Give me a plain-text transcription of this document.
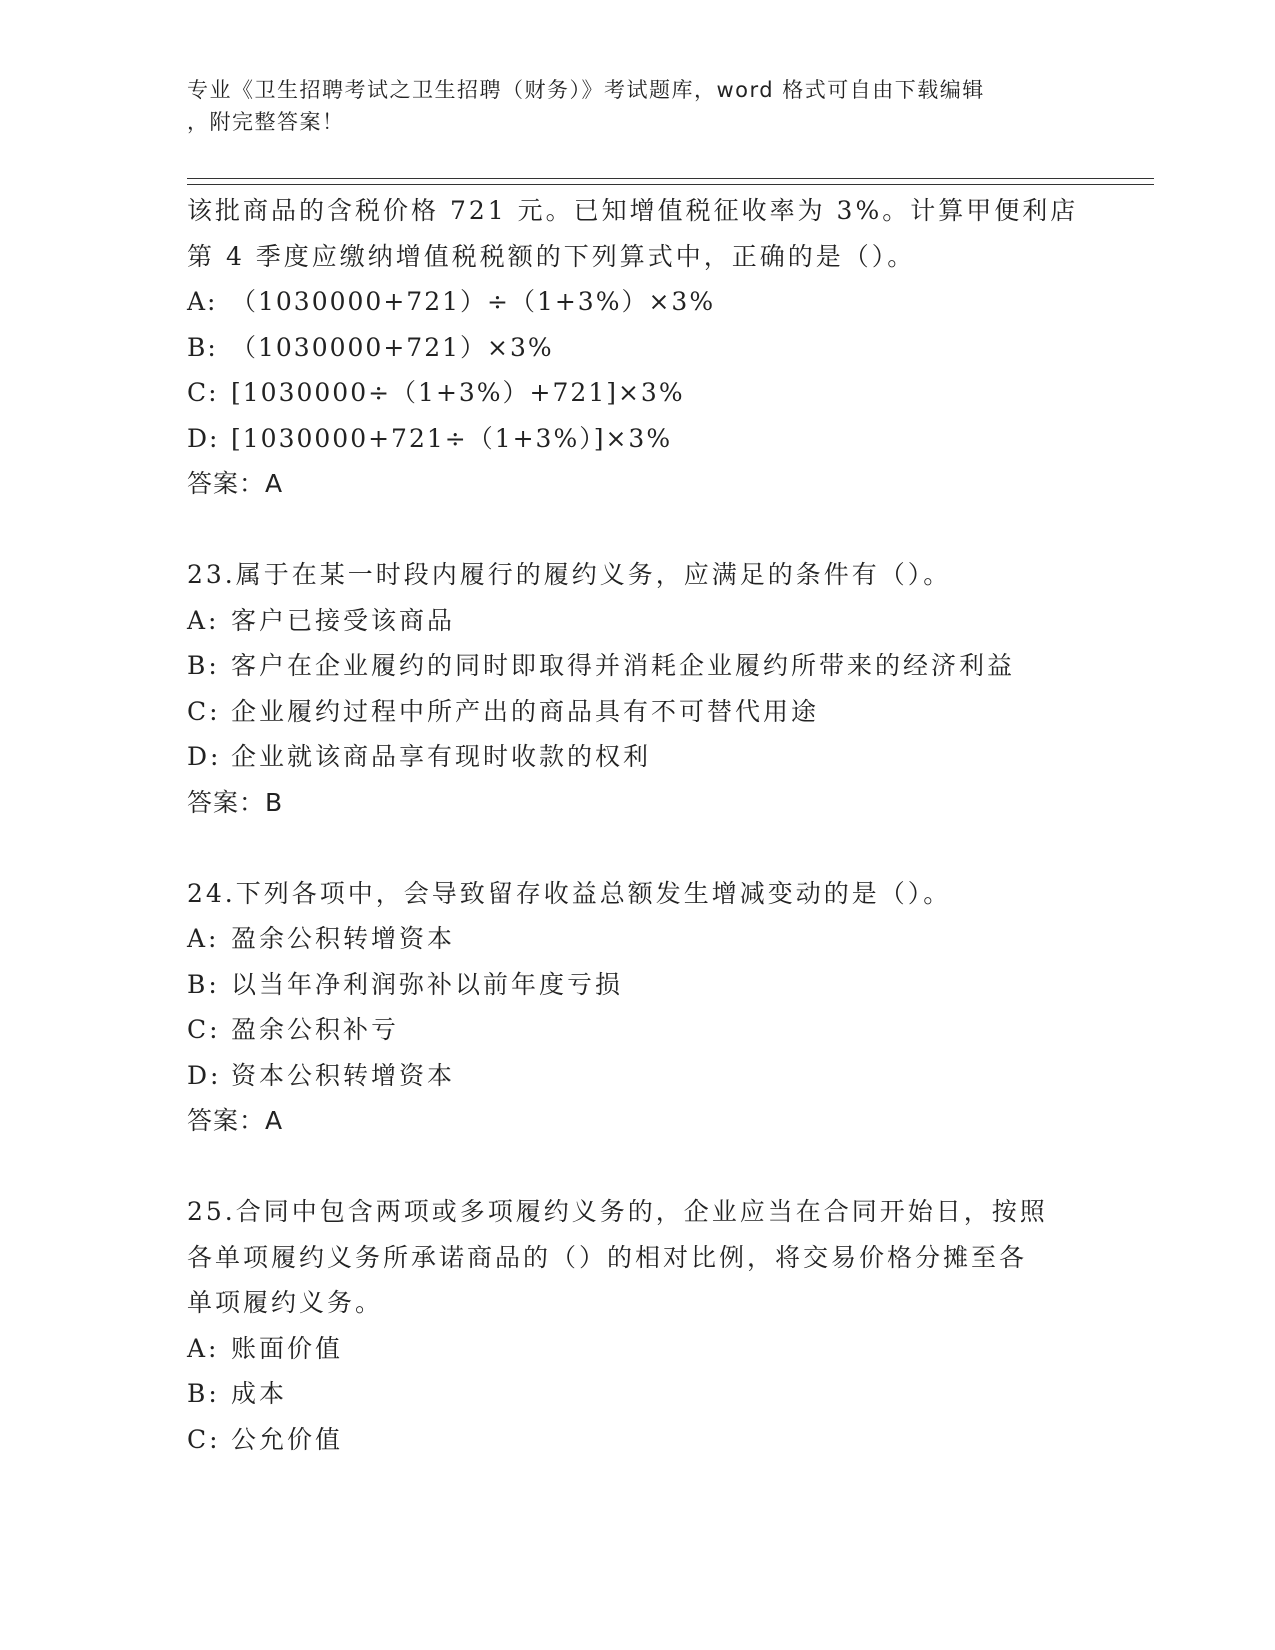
专业《卫生招聘考试之卫生招聘（财务）》考试题库，word 格式可自由下载编辑
，附完整答案！
该批商品的含税价格 721 元。已知增值税征收率为 3%。计算甲便利店
第 4 季度应缴纳增值税税额的下列算式中，正确的是（）。
A: （1030000+721）÷（1+3%）×3%
B: （1030000+721）×3%
C: [1030000÷（1+3%）+721]×3%
D: [1030000+721÷（1+3%）]×3%
答案：A
23.属于在某一时段内履行的履约义务，应满足的条件有（）。
A: 客户已接受该商品
B: 客户在企业履约的同时即取得并消耗企业履约所带来的经济利益
C: 企业履约过程中所产出的商品具有不可替代用途
D: 企业就该商品享有现时收款的权利
答案：B
24.下列各项中，会导致留存收益总额发生增减变动的是（）。
A: 盈余公积转增资本
B: 以当年净利润弥补以前年度亏损
C: 盈余公积补亏
D: 资本公积转增资本
答案：A
25.合同中包含两项或多项履约义务的，企业应当在合同开始日，按照
各单项履约义务所承诺商品的（）的相对比例，将交易价格分摊至各
单项履约义务。
A: 账面价值
B: 成本
C: 公允价值
